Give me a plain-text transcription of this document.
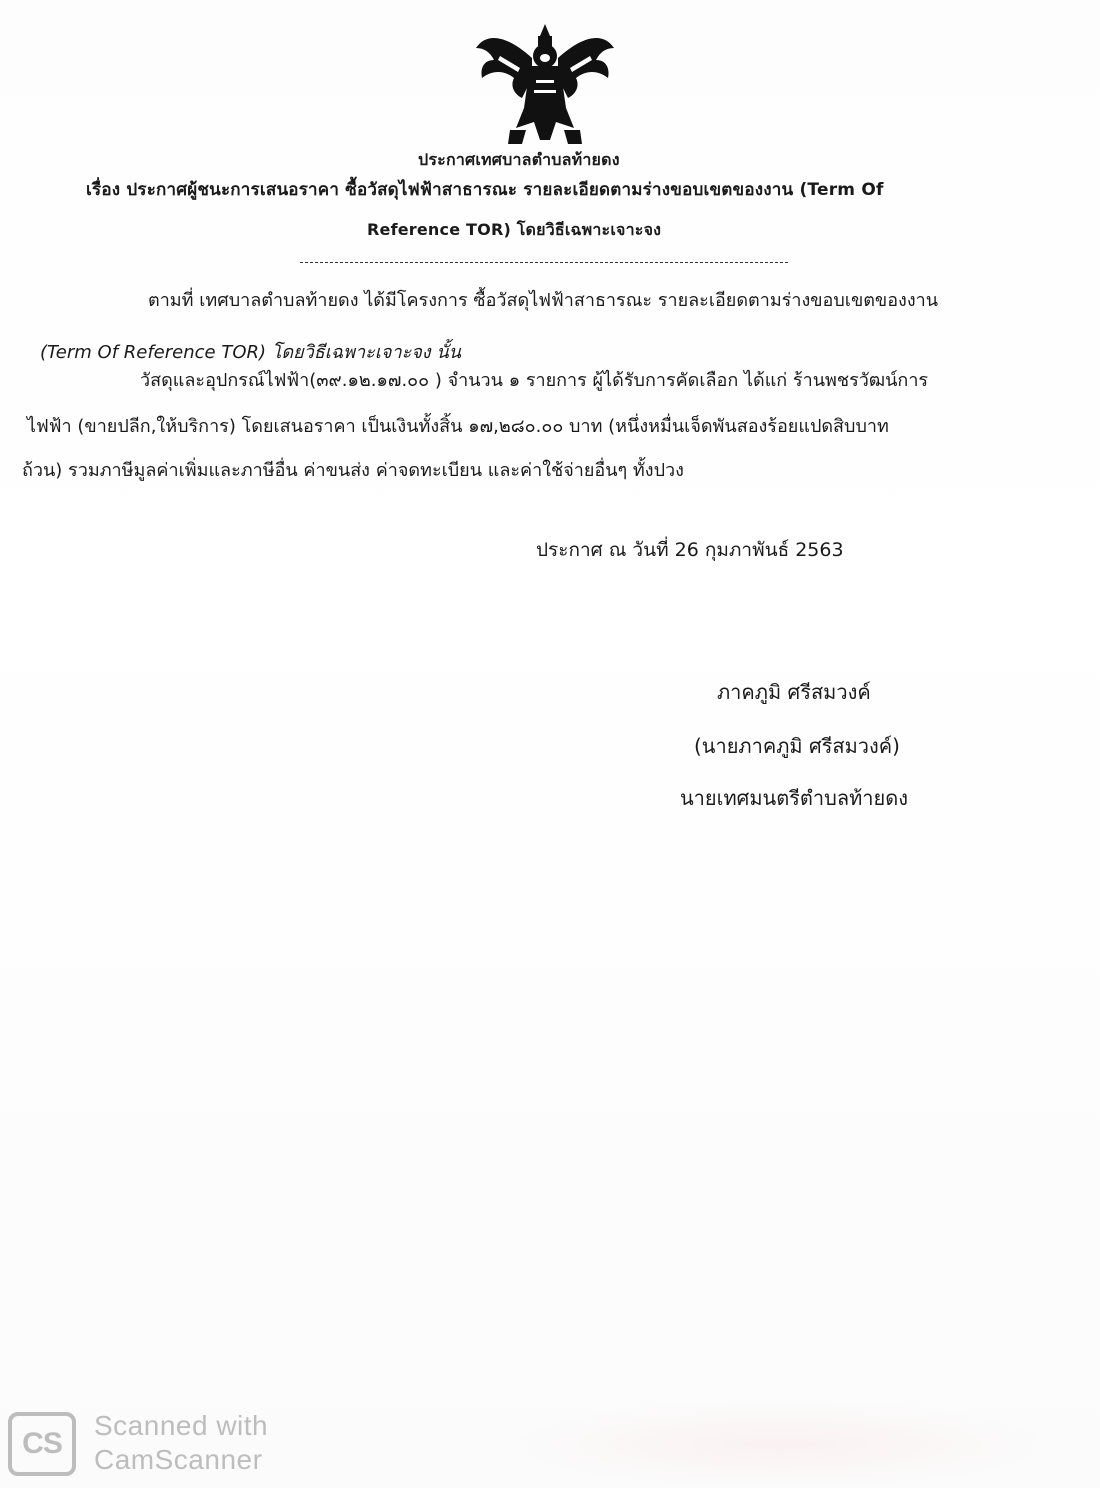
ประกาศเทศบาลตำบลท้ายดง
เรื่อง ประกาศผู้ชนะการเสนอราคา ซื้อวัสดุไฟฟ้าสาธารณะ รายละเอียดตามร่างขอบเขตของงาน (Term Of
Reference TOR) โดยวิธีเฉพาะเจาะจง
ตามที่ เทศบาลตำบลท้ายดง ได้มีโครงการ ซื้อวัสดุไฟฟ้าสาธารณะ รายละเอียดตามร่างขอบเขตของงาน
(Term Of Reference TOR) โดยวิธีเฉพาะเจาะจง นั้น
วัสดุและอุปกรณ์ไฟฟ้า(๓๙.๑๒.๑๗.๐๐ ) จำนวน ๑ รายการ ผู้ได้รับการคัดเลือก ได้แก่ ร้านพชรวัฒน์การ
ไฟฟ้า (ขายปลีก,ให้บริการ) โดยเสนอราคา เป็นเงินทั้งสิ้น ๑๗,๒๘๐.๐๐ บาท (หนึ่งหมื่นเจ็ดพันสองร้อยแปดสิบบาท
ถ้วน) รวมภาษีมูลค่าเพิ่มและภาษีอื่น ค่าขนส่ง ค่าจดทะเบียน และค่าใช้จ่ายอื่นๆ ทั้งปวง
ประกาศ ณ วันที่ 26 กุมภาพันธ์ 2563
ภาคภูมิ ศรีสมวงค์
(นายภาคภูมิ ศรีสมวงค์)
นายเทศมนตรีตำบลท้ายดง
CS
Scanned with
CamScanner
